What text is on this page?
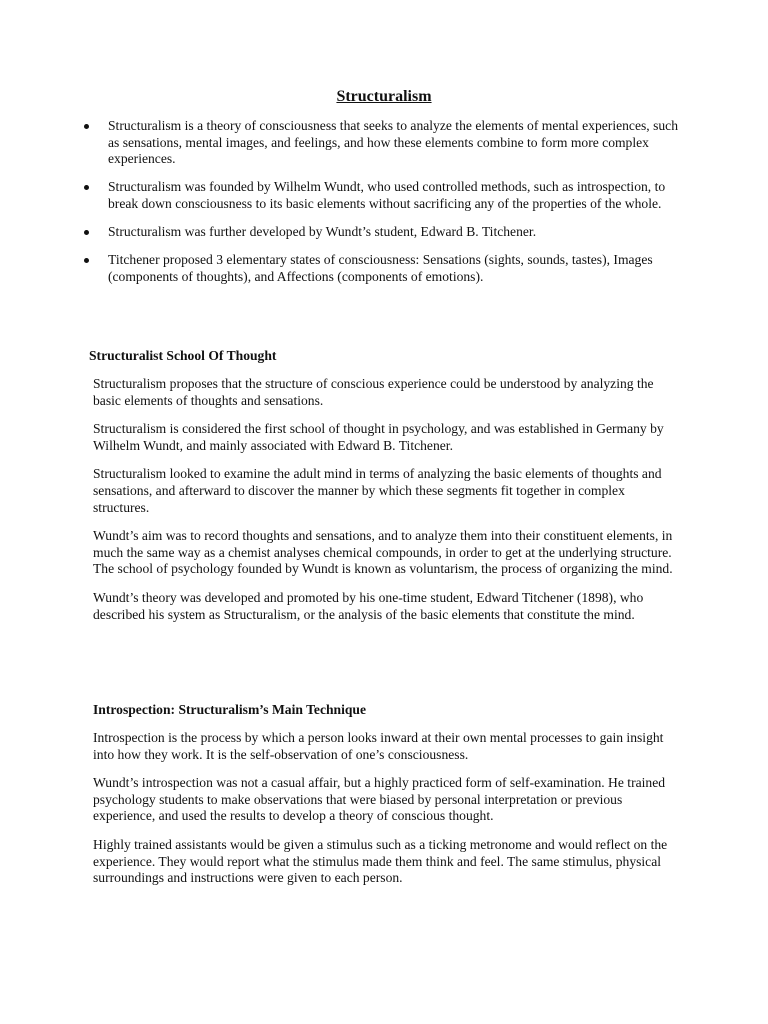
Structuralism
Structuralism is a theory of consciousness that seeks to analyze the elements of mental experiences, such as sensations, mental images, and feelings, and how these elements combine to form more complex experiences.
Structuralism was founded by Wilhelm Wundt, who used controlled methods, such as introspection, to break down consciousness to its basic elements without sacrificing any of the properties of the whole.
Structuralism was further developed by Wundt’s student, Edward B. Titchener.
Titchener proposed 3 elementary states of consciousness: Sensations (sights, sounds, tastes), Images (components of thoughts), and Affections (components of emotions).
Structuralist School Of Thought

Structuralism proposes that the structure of conscious experience could be understood by analyzing the basic elements of thoughts and sensations.

Structuralism is considered the first school of thought in psychology, and was established in Germany by Wilhelm Wundt, and mainly associated with Edward B. Titchener.

Structuralism looked to examine the adult mind in terms of analyzing the basic elements of thoughts and sensations, and afterward to discover the manner by which these segments fit together in complex structures.

Wundt’s aim was to record thoughts and sensations, and to analyze them into their constituent elements, in much the same way as a chemist analyses chemical compounds, in order to get at the underlying structure. The school of psychology founded by Wundt is known as voluntarism, the process of organizing the mind.

Wundt’s theory was developed and promoted by his one-time student, Edward Titchener (1898), who described his system as Structuralism, or the analysis of the basic elements that constitute the mind.

Introspection: Structuralism’s Main Technique

Introspection is the process by which a person looks inward at their own mental processes to gain insight into how they work. It is the self-observation of one’s consciousness.

Wundt’s introspection was not a casual affair, but a highly practiced form of self-examination. He trained psychology students to make observations that were biased by personal interpretation or previous experience, and used the results to develop a theory of conscious thought.

Highly trained assistants would be given a stimulus such as a ticking metronome and would reflect on the experience. They would report what the stimulus made them think and feel. The same stimulus, physical surroundings and instructions were given to each person.
